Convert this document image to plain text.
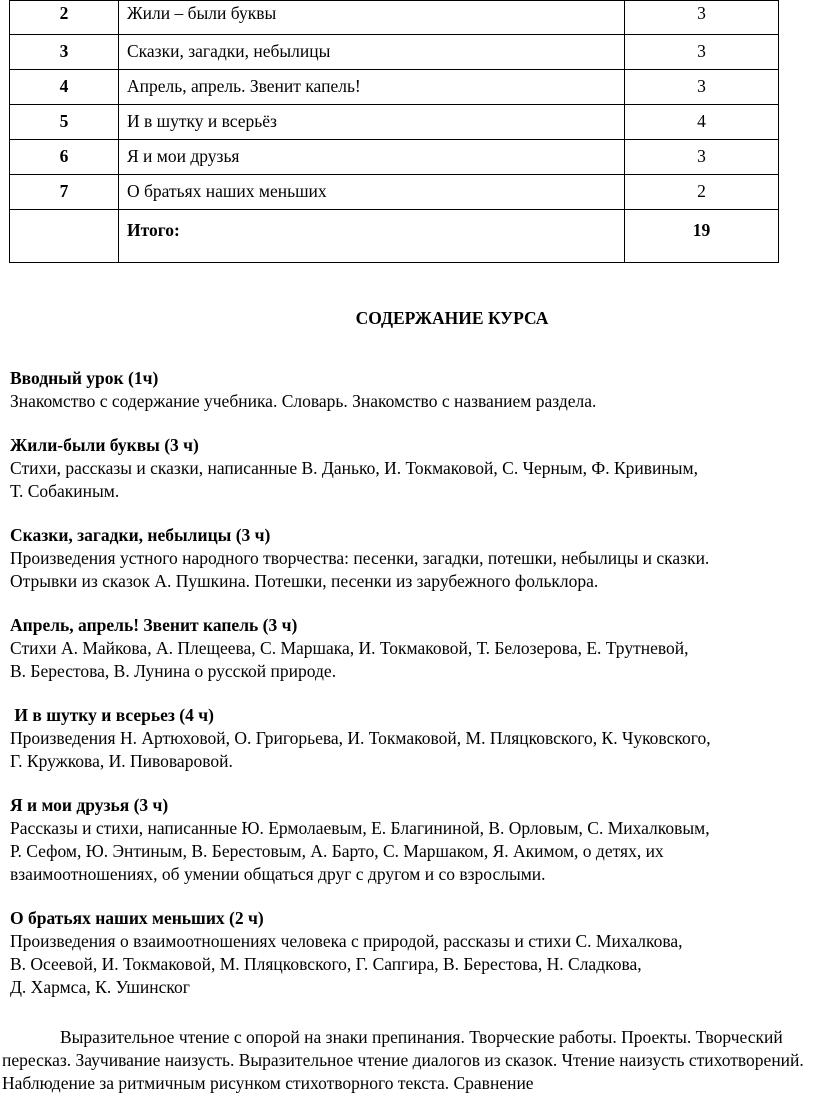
2	Жили – были буквы	3
3	Сказки, загадки, небылицы	3
4	Апрель, апрель. Звенит капель!	3
5	И в шутку и всерьёз	4
6	Я и мои друзья	3
7	О братьях наших меньших	2
	Итого:	19
СОДЕРЖАНИЕ КУРСА
Вводный урок (1ч)

Знакомство с содержание учебника. Словарь. Знакомство с названием раздела.

Жили-были буквы (3 ч)

Стихи, рассказы и сказки, написанные В. Данько, И. Токмаковой, С. Черным, Ф. Кривиным,
Т. Собакиным.

Сказки, загадки, небылицы (3 ч)

Произведения устного народного творчества: песенки, загадки, потешки, небылицы и сказки.
Отрывки из сказок А. Пушкина. Потешки, песенки из зарубежного фольклора.

Апрель, апрель! Звенит капель (3 ч)

Стихи А. Майкова, А. Плещеева, С. Маршака, И. Токмаковой, Т. Белозерова, Е. Трутневой,
В. Берестова, В. Лунина о русской природе.

И в шутку и всерьез (4 ч)

Произведения Н. Артюховой, О. Григорьева, И. Токмаковой, М. Пляцковского, К. Чуковского,
Г. Кружкова, И. Пивоваровой.

Я и мои друзья (3 ч)

Рассказы и стихи, написанные Ю. Ермолаевым, Е. Благининой, В. Орловым, С. Михалковым,
Р. Сефом, Ю. Энтиным, В. Берестовым, А. Барто, С. Маршаком, Я. Акимом, о детях, их
взаимоотношениях, об умении общаться друг с другом и со взрослыми.

О братьях наших меньших (2 ч)

Произведения о взаимоотношениях человека с природой, рассказы и стихи С. Михалкова,
В. Осеевой, И. Токмаковой, М. Пляцковского, Г. Сапгира, В. Берестова, Н. Сладкова,
Д. Хармса, К. Ушинског

Выразительное чтение с опорой на знаки препинания. Творческие работы. Проекты. Творческий пересказ. Заучивание наизусть. Выразительное чтение диалогов из сказок. Чтение наизусть стихотворений. Наблюдение за ритмичным рисунком стихотворного текста. Сравнение
